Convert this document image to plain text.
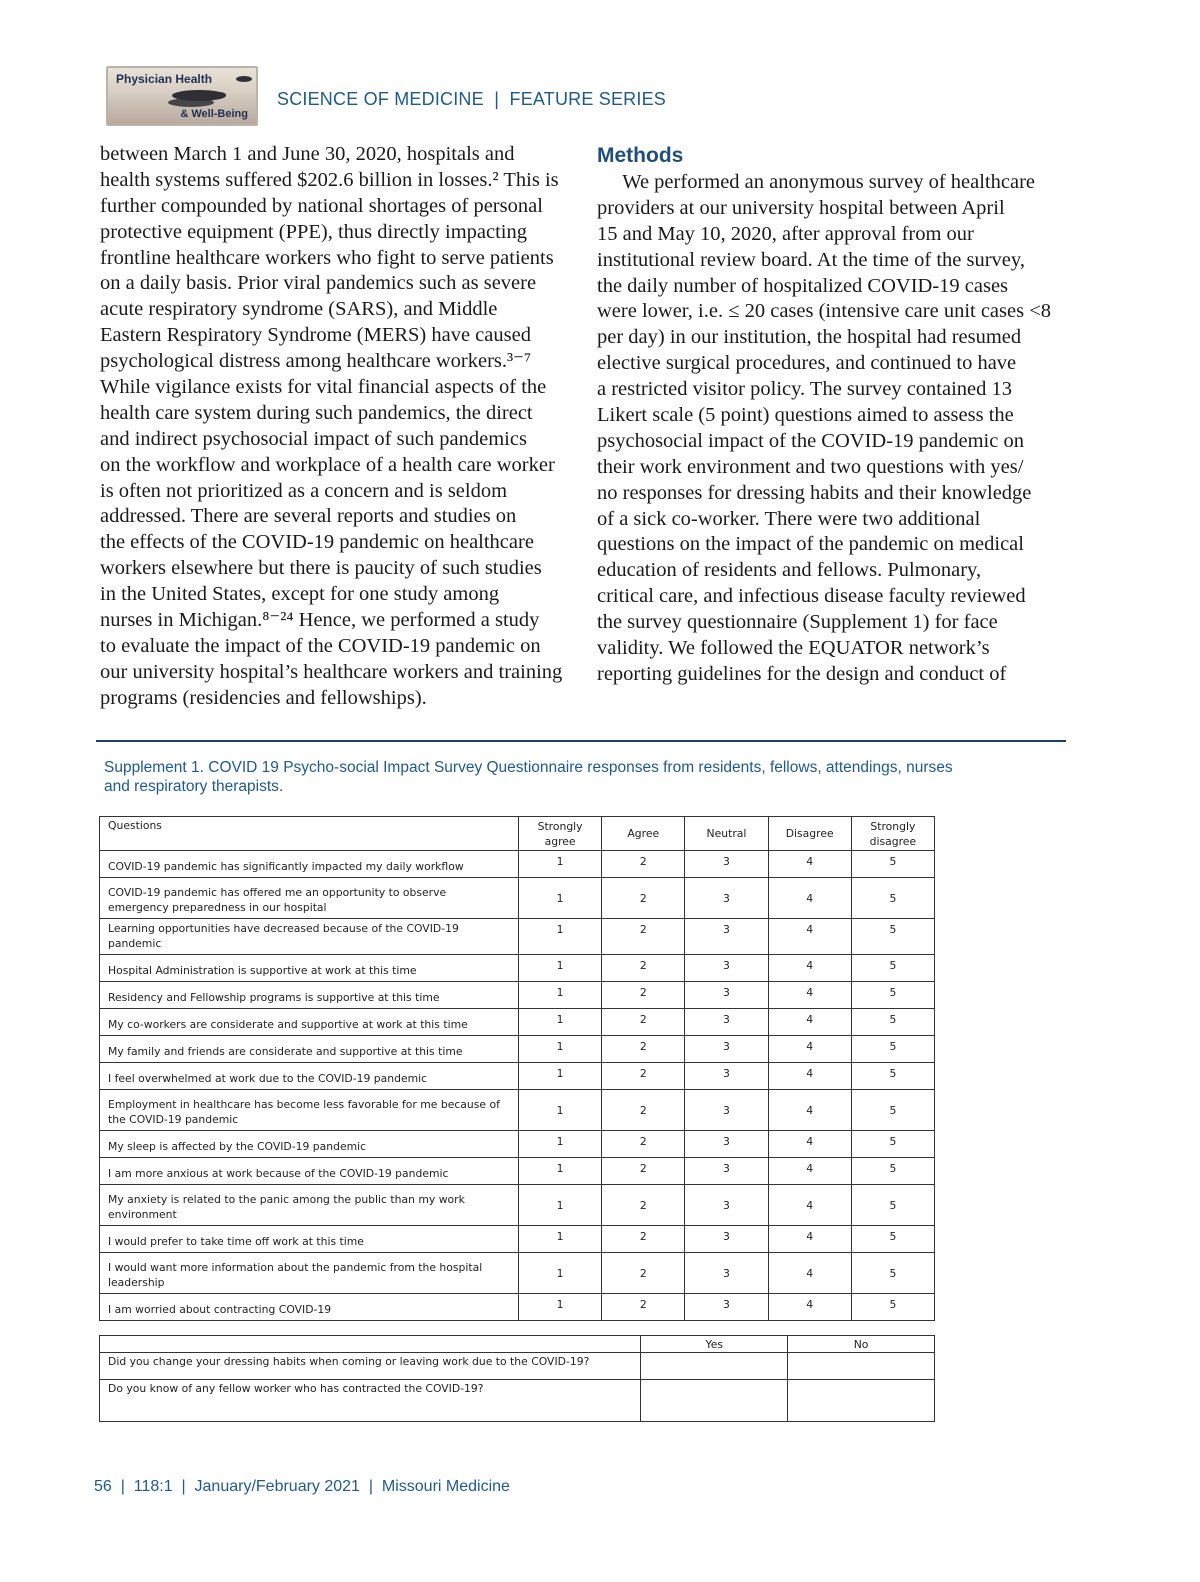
Physician Health
& Well-Being
SCIENCE OF MEDICINE  |  FEATURE SERIES
between March 1 and June 30, 2020, hospitals and
health systems suffered $202.6 billion in losses.² This is
further compounded by national shortages of personal
protective equipment (PPE), thus directly impacting
frontline healthcare workers who fight to serve patients
on a daily basis. Prior viral pandemics such as severe
acute respiratory syndrome (SARS), and Middle
Eastern Respiratory Syndrome (MERS) have caused
psychological distress among healthcare workers.³⁻⁷
While vigilance exists for vital financial aspects of the
health care system during such pandemics, the direct
and indirect psychosocial impact of such pandemics
on the workflow and workplace of a health care worker
is often not prioritized as a concern and is seldom
addressed. There are several reports and studies on
the effects of the COVID-19 pandemic on healthcare
workers elsewhere but there is paucity of such studies
in the United States, except for one study among
nurses in Michigan.⁸⁻²⁴ Hence, we performed a study
to evaluate the impact of the COVID-19 pandemic on
our university hospital’s healthcare workers and training
programs (residencies and fellowships).
Methods
We performed an anonymous survey of healthcare
providers at our university hospital between April
15 and May 10, 2020, after approval from our
institutional review board. At the time of the survey,
the daily number of hospitalized COVID-19 cases
were lower, i.e. ≤ 20 cases (intensive care unit cases <8
per day) in our institution, the hospital had resumed
elective surgical procedures, and continued to have
a restricted visitor policy. The survey contained 13
Likert scale (5 point) questions aimed to assess the
psychosocial impact of the COVID-19 pandemic on
their work environment and two questions with yes/
no responses for dressing habits and their knowledge
of a sick co-worker. There were two additional
questions on the impact of the pandemic on medical
education of residents and fellows. Pulmonary,
critical care, and infectious disease faculty reviewed
the survey questionnaire (Supplement 1) for face
validity. We followed the EQUATOR network’s
reporting guidelines for the design and conduct of
Supplement 1. COVID 19 Psycho-social Impact Survey Questionnaire responses from residents, fellows, attendings, nurses
and respiratory therapists.
Questions	Strongly agree	Agree	Neutral	Disagree	Strongly disagree
COVID-19 pandemic has significantly impacted my daily workflow	1	2	3	4	5
COVID-19 pandemic has offered me an opportunity to observe emergency preparedness in our hospital	1	2	3	4	5
Learning opportunities have decreased because of the COVID-19 pandemic	1	2	3	4	5
Hospital Administration is supportive at work at this time	1	2	3	4	5
Residency and Fellowship programs is supportive at this time	1	2	3	4	5
My co-workers are considerate and supportive at work at this time	1	2	3	4	5
My family and friends are considerate and supportive at this time	1	2	3	4	5
I feel overwhelmed at work due to the COVID-19 pandemic	1	2	3	4	5
Employment in healthcare has become less favorable for me because of the COVID-19 pandemic	1	2	3	4	5
My sleep is affected by the COVID-19 pandemic	1	2	3	4	5
I am more anxious at work because of the COVID-19 pandemic	1	2	3	4	5
My anxiety is related to the panic among the public than my work environment	1	2	3	4	5
I would prefer to take time off work at this time	1	2	3	4	5
I would want more information about the pandemic from the hospital leadership	1	2	3	4	5
I am worried about contracting COVID-19	1	2	3	4	5
	Yes	No
Did you change your dressing habits when coming or leaving work due to the COVID-19?		
Do you know of any fellow worker who has contracted the COVID-19?		
56  |  118:1  |  January/February 2021  |  Missouri Medicine
